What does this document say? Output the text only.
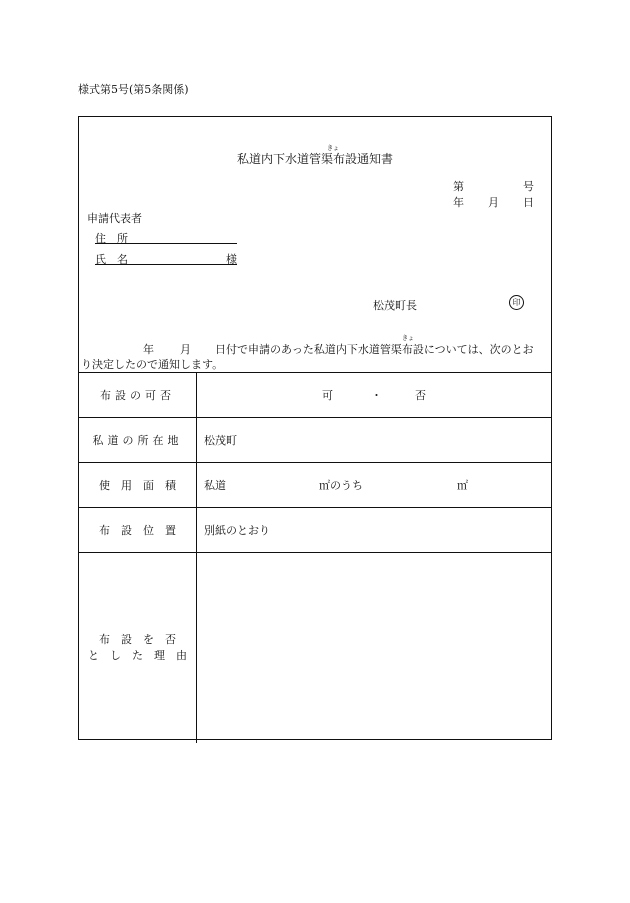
様式第5号(第5条関係)
きょ
私道内下水道管渠布設通知書
第	号
年 月 日
申請代表者
住　所
氏　名	様
松茂町長	印
年 月
きょ
日付で申請のあった私道内下水道管渠布設については、次のとお
り決定したので通知します。
布設の可否	可	・	否
私道の所在地	松茂町
使　用　面　積	私道	㎡のうち	㎡
布　設　位　置	別紙のとおり
布　設　を　否
と　し　た　理　由
